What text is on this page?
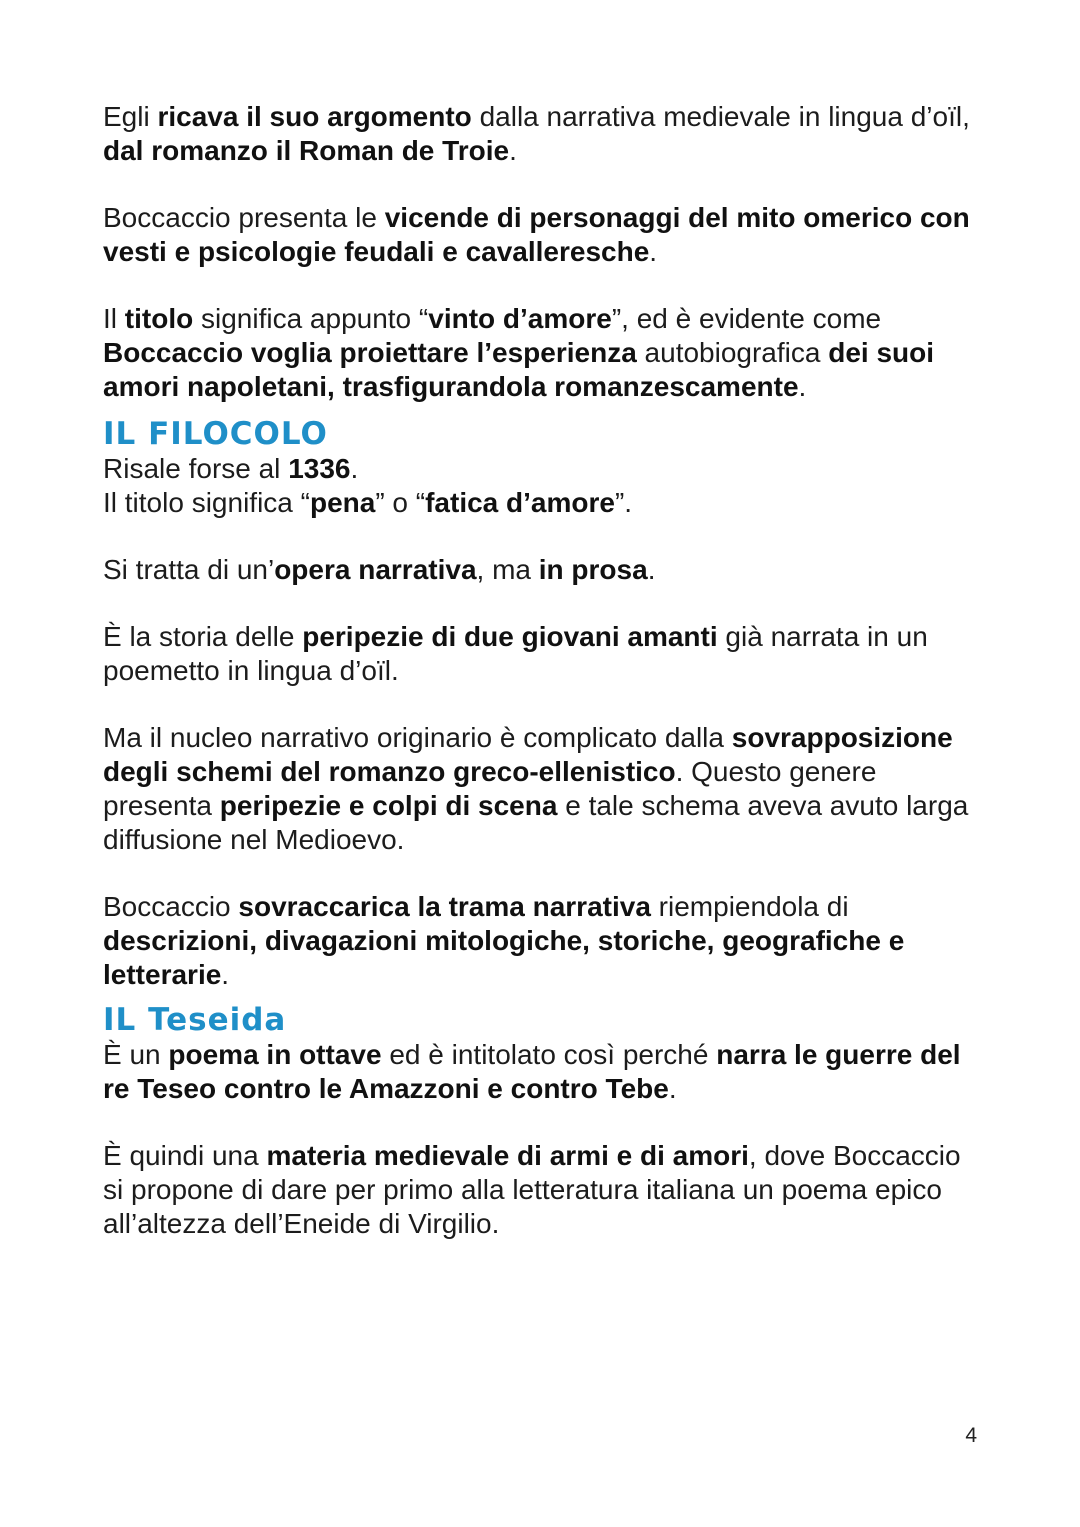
Egli ricava il suo argomento dalla narrativa medievale in lingua d’oïl, dal romanzo il Roman de Troie.

Boccaccio presenta le vicende di personaggi del mito omerico con vesti e psicologie feudali e cavalleresche.

Il titolo significa appunto “vinto d’amore”, ed è evidente come Boccaccio voglia proiettare l’esperienza autobiografica dei suoi amori napoletani, trasfigurandola romanzescamente.

IL FILOCOLO

Risale forse al 1336.

Il titolo significa “pena” o “fatica d’amore”.

Si tratta di un’opera narrativa, ma in prosa.

È la storia delle peripezie di due giovani amanti già narrata in un poemetto in lingua d’oïl.

Ma il nucleo narrativo originario è complicato dalla sovrapposizione degli schemi del romanzo greco-ellenistico. Questo genere presenta peripezie e colpi di scena e tale schema aveva avuto larga diffusione nel Medioevo.

Boccaccio sovraccarica la trama narrativa riempiendola di descrizioni, divagazioni mitologiche, storiche, geografiche e letterarie.

IL Teseida

È un poema in ottave ed è intitolato così perché narra le guerre del re Teseo contro le Amazzoni e contro Tebe.

È quindi una materia medievale di armi e di amori, dove Boccaccio si propone di dare per primo alla letteratura italiana un poema epico all’altezza dell’Eneide di Virgilio.

4
